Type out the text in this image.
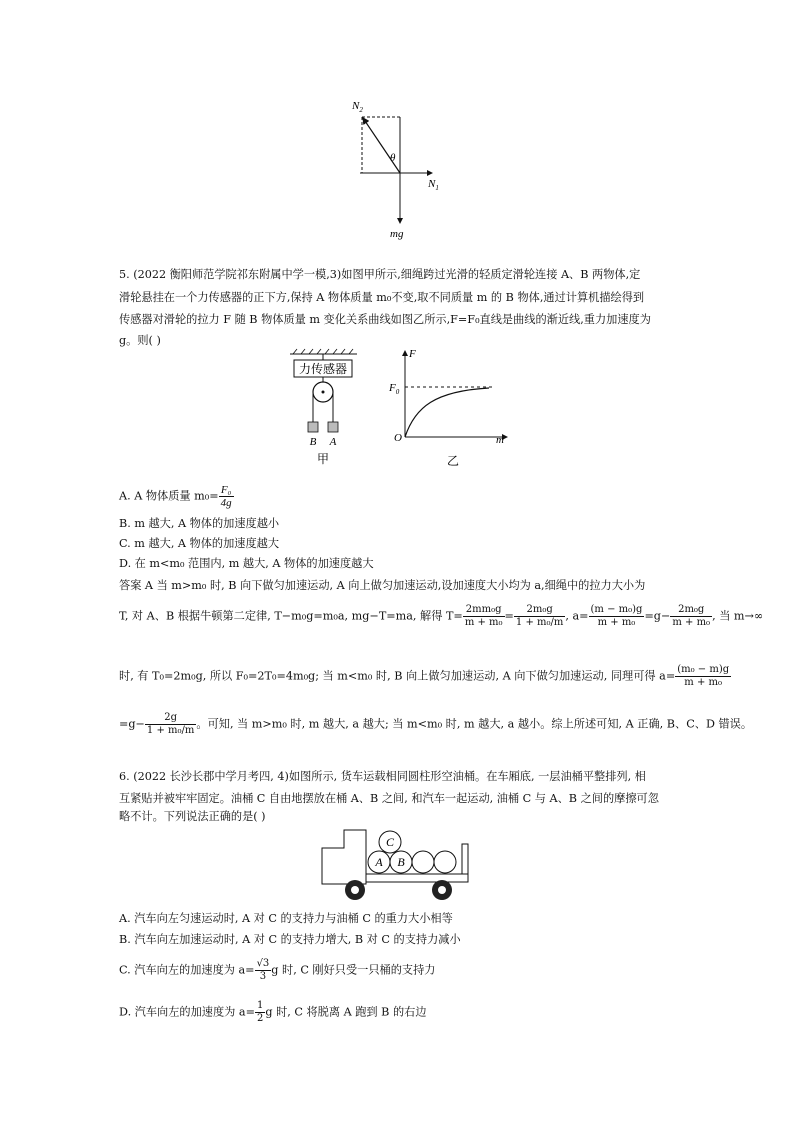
$N_2$
θ
$N_1$
mg
5. (2022 衡阳师范学院祁东附属中学一模,3)如图甲所示,细绳跨过光滑的轻质定滑轮连接 A、B 两物体,定
滑轮悬挂在一个力传感器的正下方,保持 A 物体质量 m₀不变,取不同质量 m 的 B 物体,通过计算机描绘得到
传感器对滑轮的拉力 F 随 B 物体质量 m 变化关系曲线如图乙所示,F=F₀直线是曲线的渐近线,重力加速度为
g。则( )
力传感器
B A
甲
F
$F_0$
O	m
乙
A. A 物体质量 $m_0= \frac{\text{F₀}}{4g}$
B. m 越大, A 物体的加速度越小
C. m 越大, A 物体的加速度越大
D. 在 m<m₀ 范围内, m 越大, A 物体的加速度越大
答案 A 当 m>m₀ 时, B 向下做匀加速运动, A 向上做匀加速运动,设加速度大小均为 a,细绳中的拉力大小为
T, 对 A、B 根据牛顿第二定律, T−m₀g=m₀a, mg−T=ma, 解得 $T= \frac{\text{2mm₀g}}{\text{m + m₀}} = \frac{\text{2m₀g}}{\text{1 + m₀/m}}$ , $a= \frac{\text{(m − m₀)g}}{\text{m + m₀}} =g- \frac{\text{2m₀g}}{\text{m + m₀}}$ , 当 m→∞
时, 有 T₀=2m₀g, 所以 F₀=2T₀=4m₀g; 当 m<m₀ 时, B 向上做匀加速运动, A 向下做匀加速运动, 同理可得 $a= \frac{\text{(m₀ − m)g}}{\text{m + m₀}}$
$=g- \frac{2g}{\text{1 + m₀/m}}$ 。可知, 当 m>m₀ 时, m 越大, a 越大; 当 m<m₀ 时, m 越大, a 越小。综上所述可知, A 正确, B、C、D 错误。
6. (2022 长沙长郡中学月考四, 4)如图所示, 货车运载相同圆柱形空油桶。在车厢底, 一层油桶平整排列, 相
互紧贴并被牢牢固定。油桶 C 自由地摆放在桶 A、B 之间, 和汽车一起运动, 油桶 C 与 A、B 之间的摩擦可忽
略不计。下列说法正确的是( )
C
A B
A. 汽车向左匀速运动时, A 对 C 的支持力与油桶 C 的重力大小相等
B. 汽车向左加速运动时, A 对 C 的支持力增大, B 对 C 的支持力减小
C. 汽车向左的加速度为 $a= \frac{√3}{3}$ g 时, C 刚好只受一只桶的支持力
D. 汽车向左的加速度为 $a= \frac{1}{2}$ g 时, C 将脱离 A 跑到 B 的右边
